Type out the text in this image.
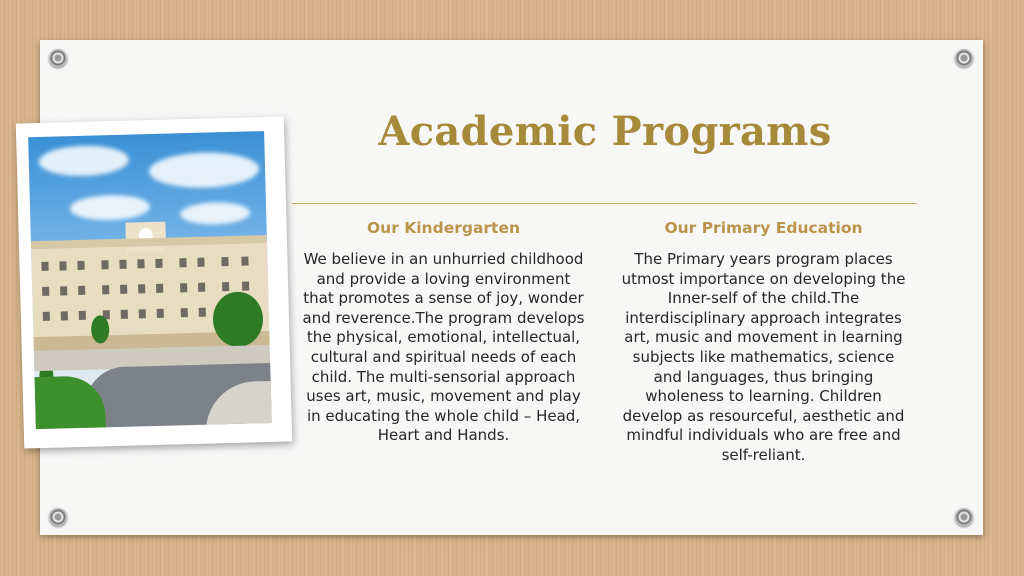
Academic Programs

Our Kindergarten

We believe in an unhurried childhood and provide a loving environment that promotes a sense of joy, wonder and reverence.The program develops the physical, emotional, intellectual, cultural and spiritual needs of each child. The multi-sensorial approach uses art, music, movement and play in educating the whole child – Head, Heart and Hands.

Our Primary Education

The Primary years program places utmost importance on developing the Inner-self of the child.The interdisciplinary approach integrates art, music and movement in learning subjects like mathematics, science and languages, thus bringing wholeness to learning. Children develop as resourceful, aesthetic and mindful individuals who are free and self-reliant.
